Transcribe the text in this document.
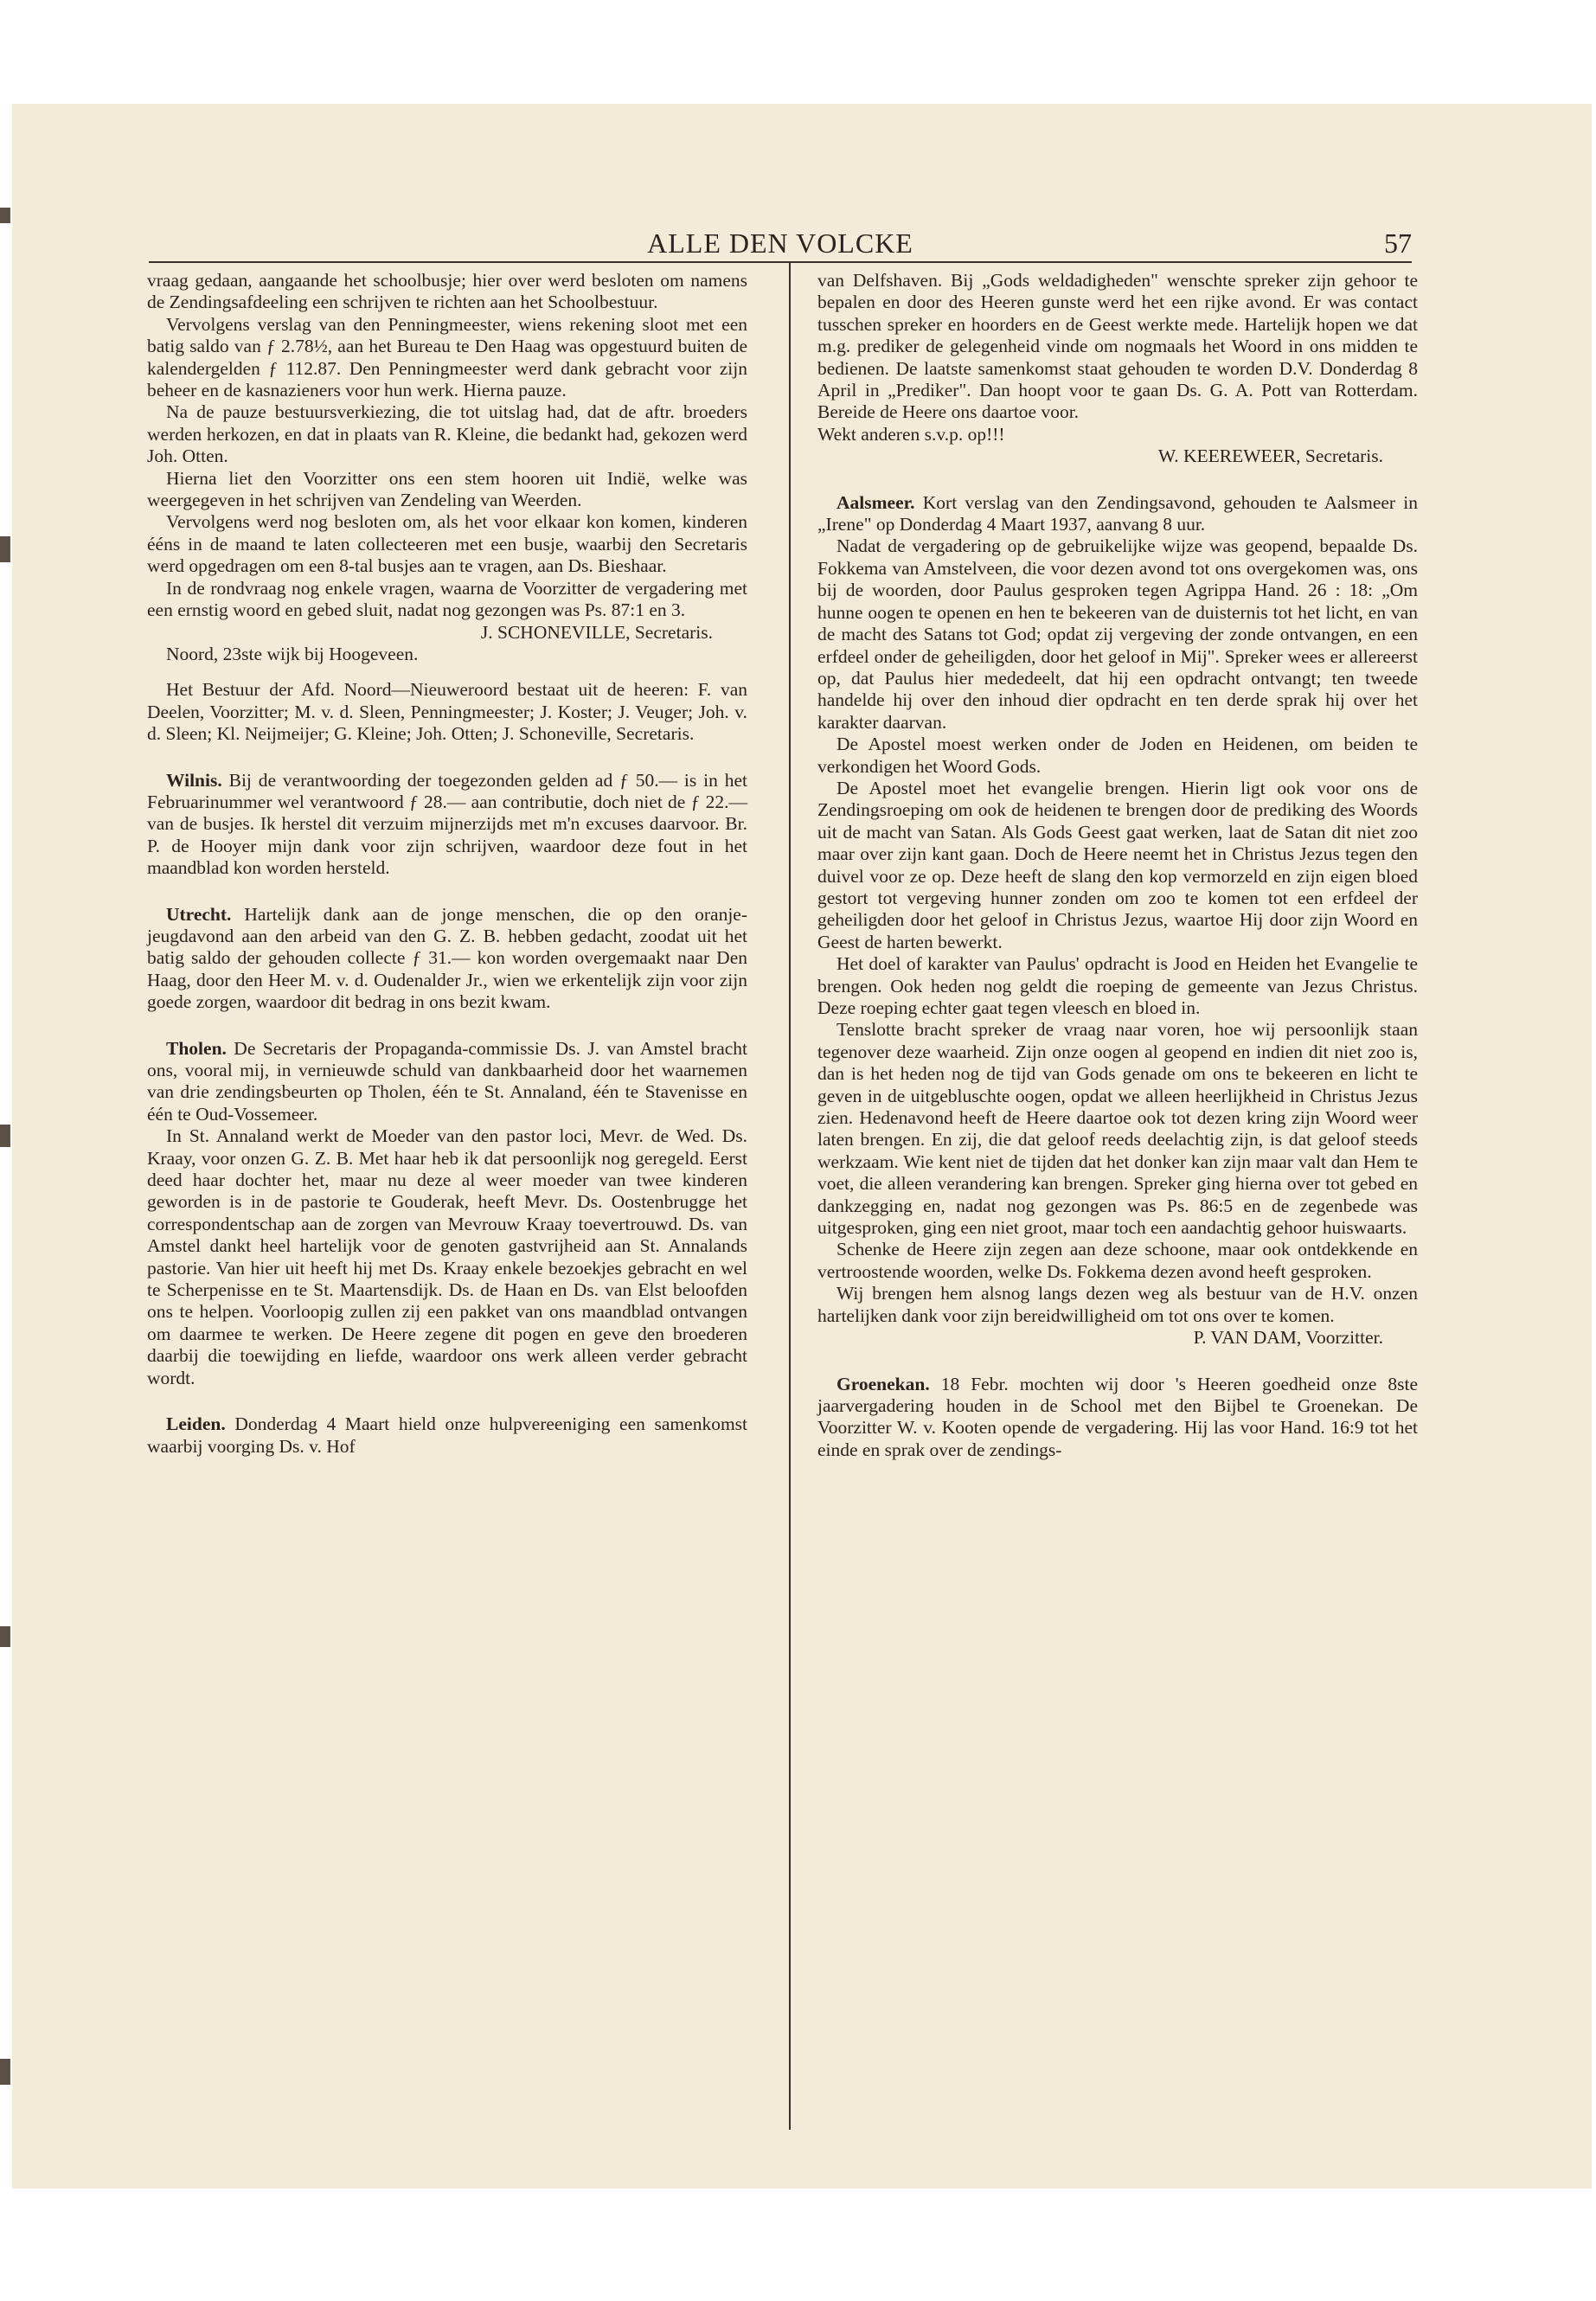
ALLE DEN VOLCKE	57

vraag gedaan, aangaande het schoolbusje; hier over werd besloten om namens de Zendingsafdeeling een schrijven te richten aan het Schoolbestuur.

Vervolgens verslag van den Penningmeester, wiens rekening sloot met een batig saldo van ƒ 2.78½, aan het Bureau te Den Haag was opgestuurd buiten de kalendergelden ƒ 112.87. Den Penningmeester werd dank gebracht voor zijn beheer en de kasnazieners voor hun werk. Hierna pauze.

Na de pauze bestuursverkiezing, die tot uitslag had, dat de aftr. broeders werden herkozen, en dat in plaats van R. Kleine, die bedankt had, gekozen werd Joh. Otten.

Hierna liet den Voorzitter ons een stem hooren uit Indië, welke was weergegeven in het schrijven van Zendeling van Weerden.

Vervolgens werd nog besloten om, als het voor elkaar kon komen, kinderen ééns in de maand te laten collecteeren met een busje, waarbij den Secretaris werd opgedragen om een 8-tal busjes aan te vragen, aan Ds. Bieshaar.

In de rondvraag nog enkele vragen, waarna de Voorzitter de vergadering met een ernstig woord en gebed sluit, nadat nog gezongen was Ps. 87:1 en 3.

J. SCHONEVILLE, Secretaris.

Noord, 23ste wijk bij Hoogeveen.

Het Bestuur der Afd. Noord—Nieuweroord bestaat uit de heeren: F. van Deelen, Voorzitter; M. v. d. Sleen, Penningmeester; J. Koster; J. Veuger; Joh. v. d. Sleen; Kl. Neijmeijer; G. Kleine; Joh. Otten; J. Schoneville, Secretaris.

Wilnis. Bij de verantwoording der toegezonden gelden ad ƒ 50.— is in het Februarinummer wel verantwoord ƒ 28.— aan contributie, doch niet de ƒ 22.— van de busjes. Ik herstel dit verzuim mijnerzijds met m'n excuses daarvoor. Br. P. de Hooyer mijn dank voor zijn schrijven, waardoor deze fout in het maandblad kon worden hersteld.

Utrecht. Hartelijk dank aan de jonge menschen, die op den oranje-jeugdavond aan den arbeid van den G. Z. B. hebben gedacht, zoodat uit het batig saldo der gehouden collecte ƒ 31.— kon worden overgemaakt naar Den Haag, door den Heer M. v. d. Oudenalder Jr., wien we erkentelijk zijn voor zijn goede zorgen, waardoor dit bedrag in ons bezit kwam.

Tholen. De Secretaris der Propaganda-commissie Ds. J. van Amstel bracht ons, vooral mij, in vernieuwde schuld van dankbaarheid door het waarnemen van drie zendingsbeurten op Tholen, één te St. Annaland, één te Stavenisse en één te Oud-Vossemeer.

In St. Annaland werkt de Moeder van den pastor loci, Mevr. de Wed. Ds. Kraay, voor onzen G. Z. B. Met haar heb ik dat persoonlijk nog geregeld. Eerst deed haar dochter het, maar nu deze al weer moeder van twee kinderen geworden is in de pastorie te Gouderak, heeft Mevr. Ds. Oostenbrugge het correspondentschap aan de zorgen van Mevrouw Kraay toevertrouwd. Ds. van Amstel dankt heel hartelijk voor de genoten gastvrijheid aan St. Annalands pastorie. Van hier uit heeft hij met Ds. Kraay enkele bezoekjes gebracht en wel te Scherpenisse en te St. Maartensdijk. Ds. de Haan en Ds. van Elst beloofden ons te helpen. Voorloopig zullen zij een pakket van ons maandblad ontvangen om daarmee te werken. De Heere zegene dit pogen en geve den broederen daarbij die toewijding en liefde, waardoor ons werk alleen verder gebracht wordt.

Leiden. Donderdag 4 Maart hield onze hulpvereeniging een samenkomst waarbij voorging Ds. v. Hof

van Delfshaven. Bij „Gods weldadigheden" wenschte spreker zijn gehoor te bepalen en door des Heeren gunste werd het een rijke avond. Er was contact tusschen spreker en hoorders en de Geest werkte mede. Hartelijk hopen we dat m.g. prediker de gelegenheid vinde om nogmaals het Woord in ons midden te bedienen. De laatste samenkomst staat gehouden te worden D.V. Donderdag 8 April in „Prediker". Dan hoopt voor te gaan Ds. G. A. Pott van Rotterdam. Bereide de Heere ons daartoe voor.

Wekt anderen s.v.p. op!!!

W. KEEREWEER, Secretaris.

Aalsmeer. Kort verslag van den Zendingsavond, gehouden te Aalsmeer in „Irene" op Donderdag 4 Maart 1937, aanvang 8 uur.

Nadat de vergadering op de gebruikelijke wijze was geopend, bepaalde Ds. Fokkema van Amstelveen, die voor dezen avond tot ons overgekomen was, ons bij de woorden, door Paulus gesproken tegen Agrippa Hand. 26 : 18: „Om hunne oogen te openen en hen te bekeeren van de duisternis tot het licht, en van de macht des Satans tot God; opdat zij vergeving der zonde ontvangen, en een erfdeel onder de geheiligden, door het geloof in Mij". Spreker wees er allereerst op, dat Paulus hier mededeelt, dat hij een opdracht ontvangt; ten tweede handelde hij over den inhoud dier opdracht en ten derde sprak hij over het karakter daarvan.

De Apostel moest werken onder de Joden en Heidenen, om beiden te verkondigen het Woord Gods.

De Apostel moet het evangelie brengen. Hierin ligt ook voor ons de Zendingsroeping om ook de heidenen te brengen door de prediking des Woords uit de macht van Satan. Als Gods Geest gaat werken, laat de Satan dit niet zoo maar over zijn kant gaan. Doch de Heere neemt het in Christus Jezus tegen den duivel voor ze op. Deze heeft de slang den kop vermorzeld en zijn eigen bloed gestort tot vergeving hunner zonden om zoo te komen tot een erfdeel der geheiligden door het geloof in Christus Jezus, waartoe Hij door zijn Woord en Geest de harten bewerkt.

Het doel of karakter van Paulus' opdracht is Jood en Heiden het Evangelie te brengen. Ook heden nog geldt die roeping de gemeente van Jezus Christus. Deze roeping echter gaat tegen vleesch en bloed in.

Tenslotte bracht spreker de vraag naar voren, hoe wij persoonlijk staan tegenover deze waarheid. Zijn onze oogen al geopend en indien dit niet zoo is, dan is het heden nog de tijd van Gods genade om ons te bekeeren en licht te geven in de uitgebluschte oogen, opdat we alleen heerlijkheid in Christus Jezus zien. Hedenavond heeft de Heere daartoe ook tot dezen kring zijn Woord weer laten brengen. En zij, die dat geloof reeds deelachtig zijn, is dat geloof steeds werkzaam. Wie kent niet de tijden dat het donker kan zijn maar valt dan Hem te voet, die alleen verandering kan brengen. Spreker ging hierna over tot gebed en dankzegging en, nadat nog gezongen was Ps. 86:5 en de zegenbede was uitgesproken, ging een niet groot, maar toch een aandachtig gehoor huiswaarts.

Schenke de Heere zijn zegen aan deze schoone, maar ook ontdekkende en vertroostende woorden, welke Ds. Fokkema dezen avond heeft gesproken.

Wij brengen hem alsnog langs dezen weg als bestuur van de H.V. onzen hartelijken dank voor zijn bereidwilligheid om tot ons over te komen.

P. VAN DAM, Voorzitter.

Groenekan. 18 Febr. mochten wij door 's Heeren goedheid onze 8ste jaarvergadering houden in de School met den Bijbel te Groenekan. De Voorzitter W. v. Kooten opende de vergadering. Hij las voor Hand. 16:9 tot het einde en sprak over de zendings-
